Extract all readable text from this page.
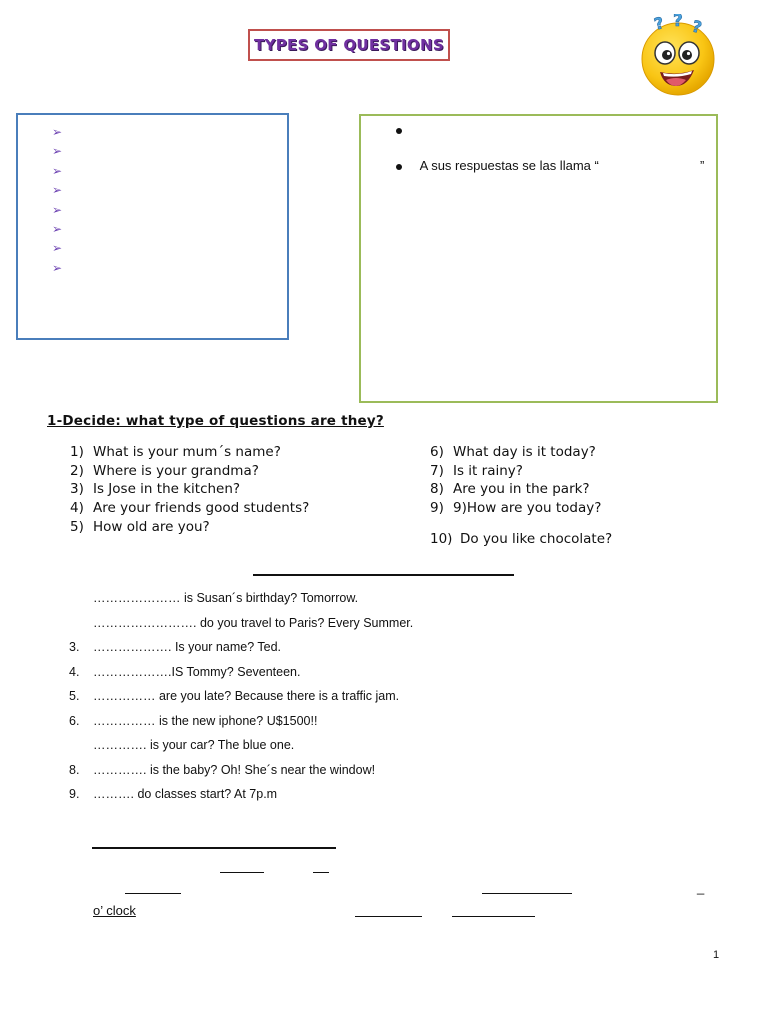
TYPES OF QUESTIONS
? ? ?
➢
➢
➢
➢
➢
➢
➢
➢
A sus respuestas se las llama “	”
1-Decide: what type of questions are they?
1) What is your mum´s name?
2) Where is your grandma?
3) Is Jose in the kitchen?
4) Are your friends good students?
5) How old are you?
6) What day is it today?
7) Is it rainy?
8) Are you in the park?
9) 9)How are you today?
10) Do you like chocolate?
………………… is Susan´s birthday? Tomorrow.
……………………. do you travel to Paris? Every Summer.
3. ………………. Is your name? Ted.
4. ……………….IS Tommy? Seventeen.
5. …………… are you late? Because there is a traffic jam.
6. …………… is the new iphone? U$1500!!
…………. is your car? The blue one.
8. …………. is the baby? Oh! She´s near the window!
9. ………. do classes start? At 7p.m
_
o’ clock
1
